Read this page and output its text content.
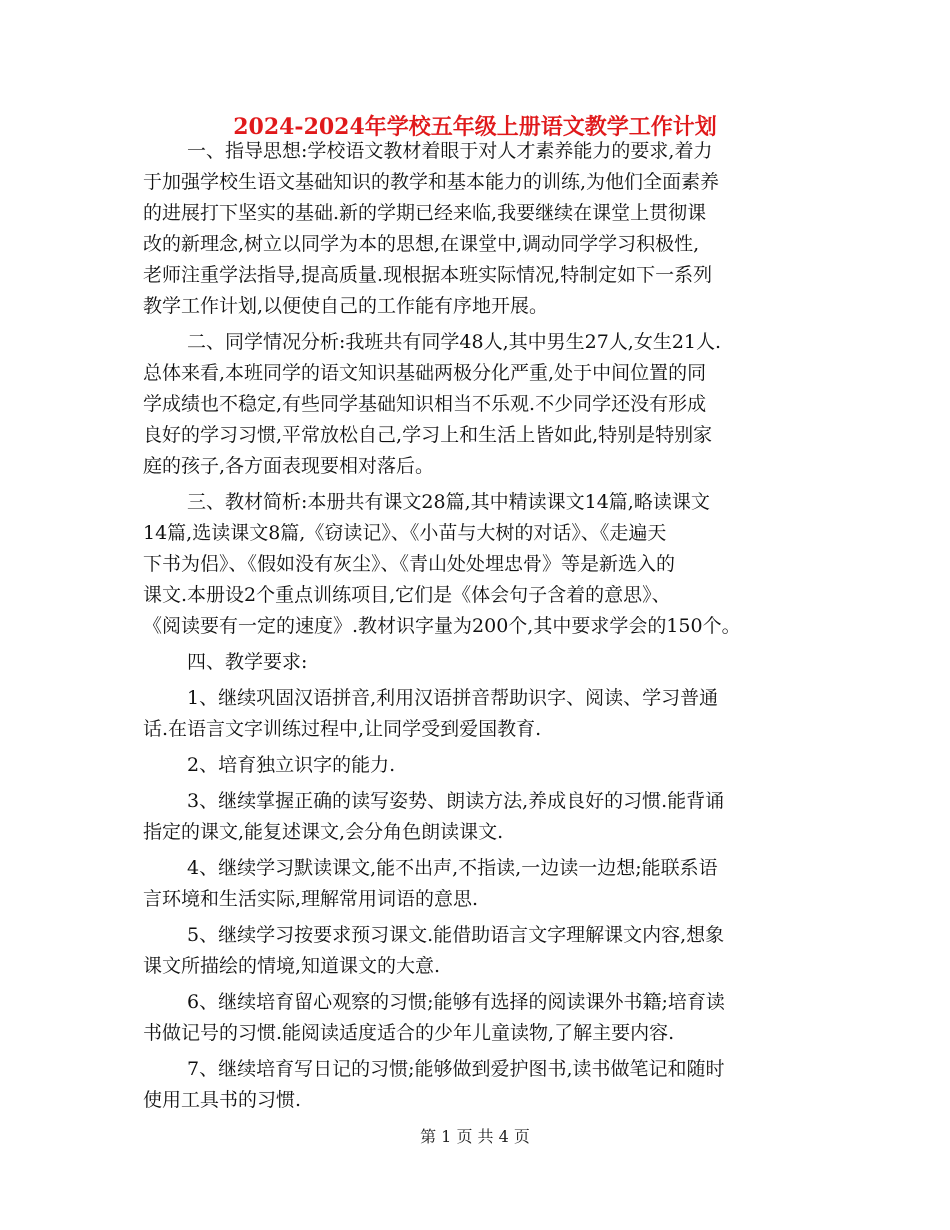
2024-2024年学校五年级上册语文教学工作计划
一、指导思想:学校语文教材着眼于对人才素养能力的要求,着力
于加强学校生语文基础知识的教学和基本能力的训练,为他们全面素养
的进展打下坚实的基础.新的学期已经来临,我要继续在课堂上贯彻课
改的新理念,树立以同学为本的思想,在课堂中,调动同学学习积极性,
老师注重学法指导,提高质量.现根据本班实际情况,特制定如下一系列
教学工作计划,以便使自己的工作能有序地开展。
二、同学情况分析:我班共有同学48人,其中男生27人,女生21人.
总体来看,本班同学的语文知识基础两极分化严重,处于中间位置的同
学成绩也不稳定,有些同学基础知识相当不乐观.不少同学还没有形成
良好的学习习惯,平常放松自己,学习上和生活上皆如此,特别是特别家
庭的孩子,各方面表现要相对落后。
三、教材简析:本册共有课文28篇,其中精读课文14篇,略读课文
14篇,选读课文8篇,《窃读记》、《小苗与大树的对话》、《走遍天
下书为侣》、《假如没有灰尘》、《青山处处埋忠骨》等是新选入的
课文.本册设2个重点训练项目,它们是《体会句子含着的意思》、
《阅读要有一定的速度》.教材识字量为200个,其中要求学会的150个。
四、教学要求:
1、继续巩固汉语拼音,利用汉语拼音帮助识字、阅读、学习普通
话.在语言文字训练过程中,让同学受到爱国教育.
2、培育独立识字的能力.
3、继续掌握正确的读写姿势、朗读方法,养成良好的习惯.能背诵
指定的课文,能复述课文,会分角色朗读课文.
4、继续学习默读课文,能不出声,不指读,一边读一边想;能联系语
言环境和生活实际,理解常用词语的意思.
5、继续学习按要求预习课文.能借助语言文字理解课文内容,想象
课文所描绘的情境,知道课文的大意.
6、继续培育留心观察的习惯;能够有选择的阅读课外书籍;培育读
书做记号的习惯.能阅读适度适合的少年儿童读物,了解主要内容.
7、继续培育写日记的习惯;能够做到爱护图书,读书做笔记和随时
使用工具书的习惯.
第 1 页 共 4 页
